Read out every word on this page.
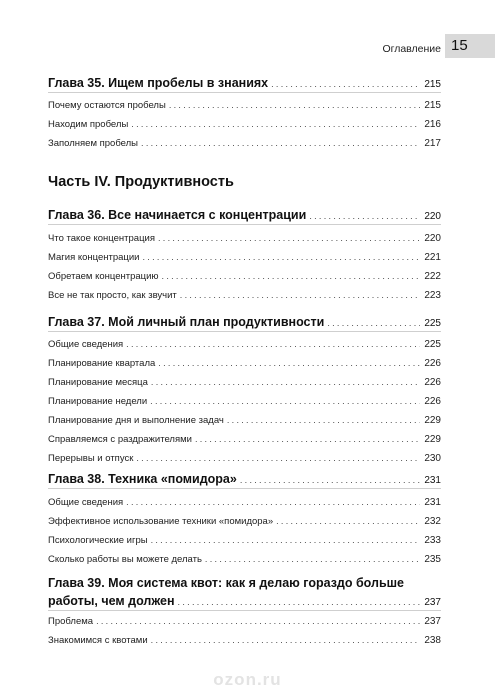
Оглавление 15
Глава 35. Ищем пробелы в знаниях .....	215
Почему остаются пробелы .....	215
Находим пробелы .....	216
Заполняем пробелы .....	217
Часть IV. Продуктивность
Глава 36. Все начинается с концентрации .....	220
Что такое концентрация .....	220
Магия концентрации .....	221
Обретаем концентрацию .....	222
Все не так просто, как звучит .....	223
Глава 37. Мой личный план продуктивности .....	225
Общие сведения .....	225
Планирование квартала .....	226
Планирование месяца .....	226
Планирование недели .....	226
Планирование дня и выполнение задач .....	229
Справляемся с раздражителями .....	229
Перерывы и отпуск .....	230
Глава 38. Техника «помидора» .....	231
Общие сведения .....	231
Эффективное использование техники «помидора» .....	232
Психологические игры .....	233
Сколько работы вы можете делать .....	235
Глава 39. Моя система квот: как я делаю гораздо больше
работы, чем должен .....	237
Проблема .....	237
Знакомимся с квотами .....	238
ozon.ru
